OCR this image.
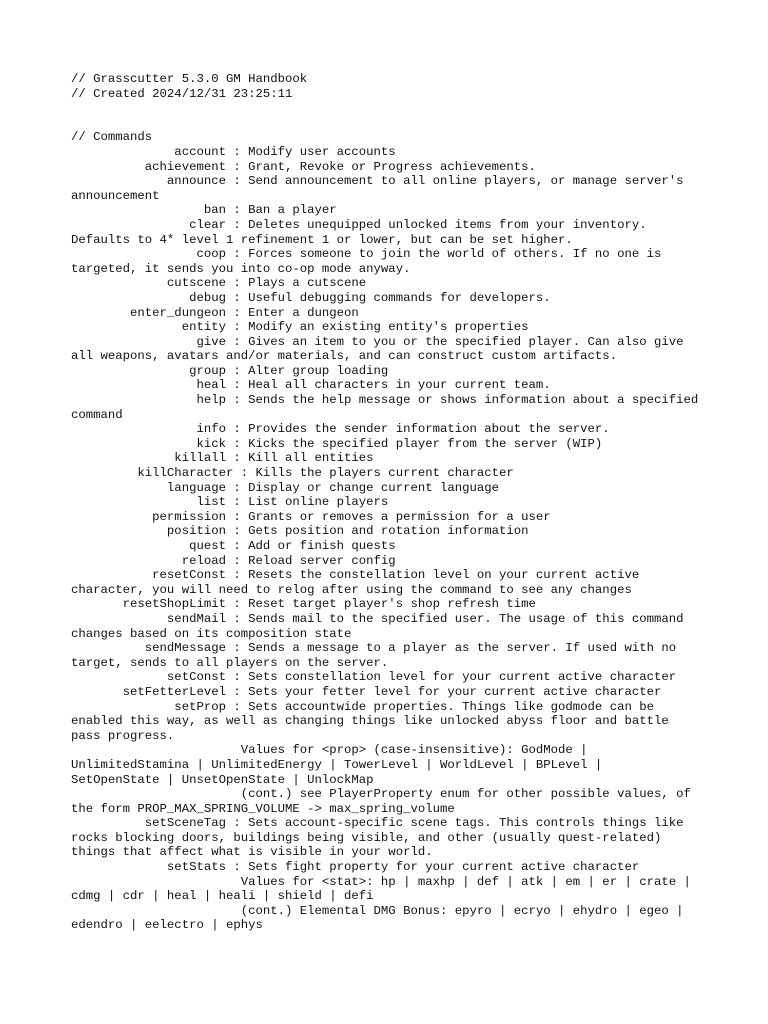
// Grasscutter 5.3.0 GM Handbook
// Created 2024/12/31 23:25:11
// Commands
account : Modify user accounts
achievement : Grant, Revoke or Progress achievements.
announce : Send announcement to all online players, or manage server's
announcement
ban : Ban a player
clear : Deletes unequipped unlocked items from your inventory.
Defaults to 4* level 1 refinement 1 or lower, but can be set higher.
coop : Forces someone to join the world of others. If no one is
targeted, it sends you into co-op mode anyway.
cutscene : Plays a cutscene
debug : Useful debugging commands for developers.
enter_dungeon : Enter a dungeon
entity : Modify an existing entity's properties
give : Gives an item to you or the specified player. Can also give
all weapons, avatars and/or materials, and can construct custom artifacts.
group : Alter group loading
heal : Heal all characters in your current team.
help : Sends the help message or shows information about a specified
command
info : Provides the sender information about the server.
kick : Kicks the specified player from the server (WIP)
killall : Kill all entities
killCharacter : Kills the players current character
language : Display or change current language
list : List online players
permission : Grants or removes a permission for a user
position : Gets position and rotation information
quest : Add or finish quests
reload : Reload server config
resetConst : Resets the constellation level on your current active
character, you will need to relog after using the command to see any changes
resetShopLimit : Reset target player's shop refresh time
sendMail : Sends mail to the specified user. The usage of this command
changes based on its composition state
sendMessage : Sends a message to a player as the server. If used with no
target, sends to all players on the server.
setConst : Sets constellation level for your current active character
setFetterLevel : Sets your fetter level for your current active character
setProp : Sets accountwide properties. Things like godmode can be
enabled this way, as well as changing things like unlocked abyss floor and battle
pass progress.
Values for <prop> (case-insensitive): GodMode |
UnlimitedStamina | UnlimitedEnergy | TowerLevel | WorldLevel | BPLevel |
SetOpenState | UnsetOpenState | UnlockMap
(cont.) see PlayerProperty enum for other possible values, of
the form PROP_MAX_SPRING_VOLUME -> max_spring_volume
setSceneTag : Sets account-specific scene tags. This controls things like
rocks blocking doors, buildings being visible, and other (usually quest-related)
things that affect what is visible in your world.
setStats : Sets fight property for your current active character
Values for <stat>: hp | maxhp | def | atk | em | er | crate |
cdmg | cdr | heal | heali | shield | defi
(cont.) Elemental DMG Bonus: epyro | ecryo | ehydro | egeo |
edendro | eelectro | ephys
